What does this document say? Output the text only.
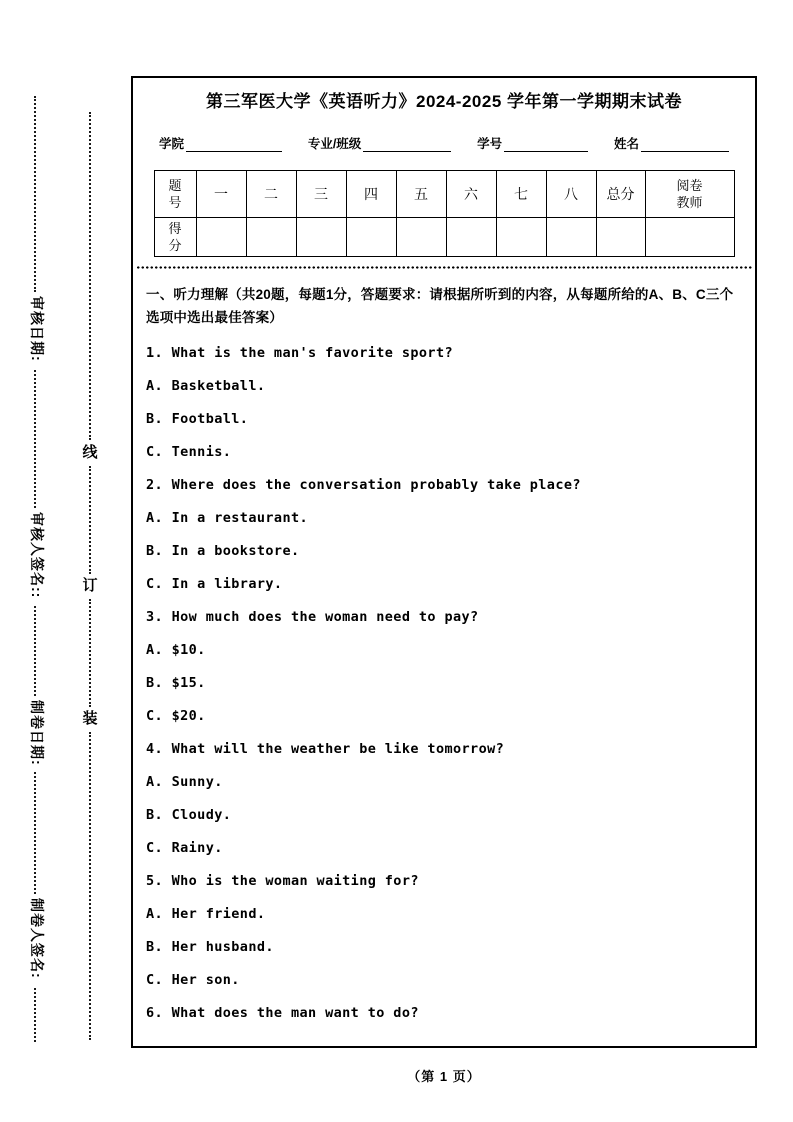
审核日期:
审核人签名::
制卷日期:
制卷人签名:
线
订
装
第三军医大学《英语听力》2024-2025 学年第一学期期末试卷
学院	专业/班级	学号	姓名
题号	一	二	三	四	五	六	七	八	总分	阅卷教师

得分										

一、听力理解（共20题，每题1分，答题要求：请根据所听到的内容，从每题所给的A、B、C三个选项中选出最佳答案）
1. What is the man's favorite sport?
A. Basketball.
B. Football.
C. Tennis.
2. Where does the conversation probably take place?
A. In a restaurant.
B. In a bookstore.
C. In a library.
3. How much does the woman need to pay?
A. $10.
B. $15.
C. $20.
4. What will the weather be like tomorrow?
A. Sunny.
B. Cloudy.
C. Rainy.
5. Who is the woman waiting for?
A. Her friend.
B. Her husband.
C. Her son.
6. What does the man want to do?
（第 1 页）
